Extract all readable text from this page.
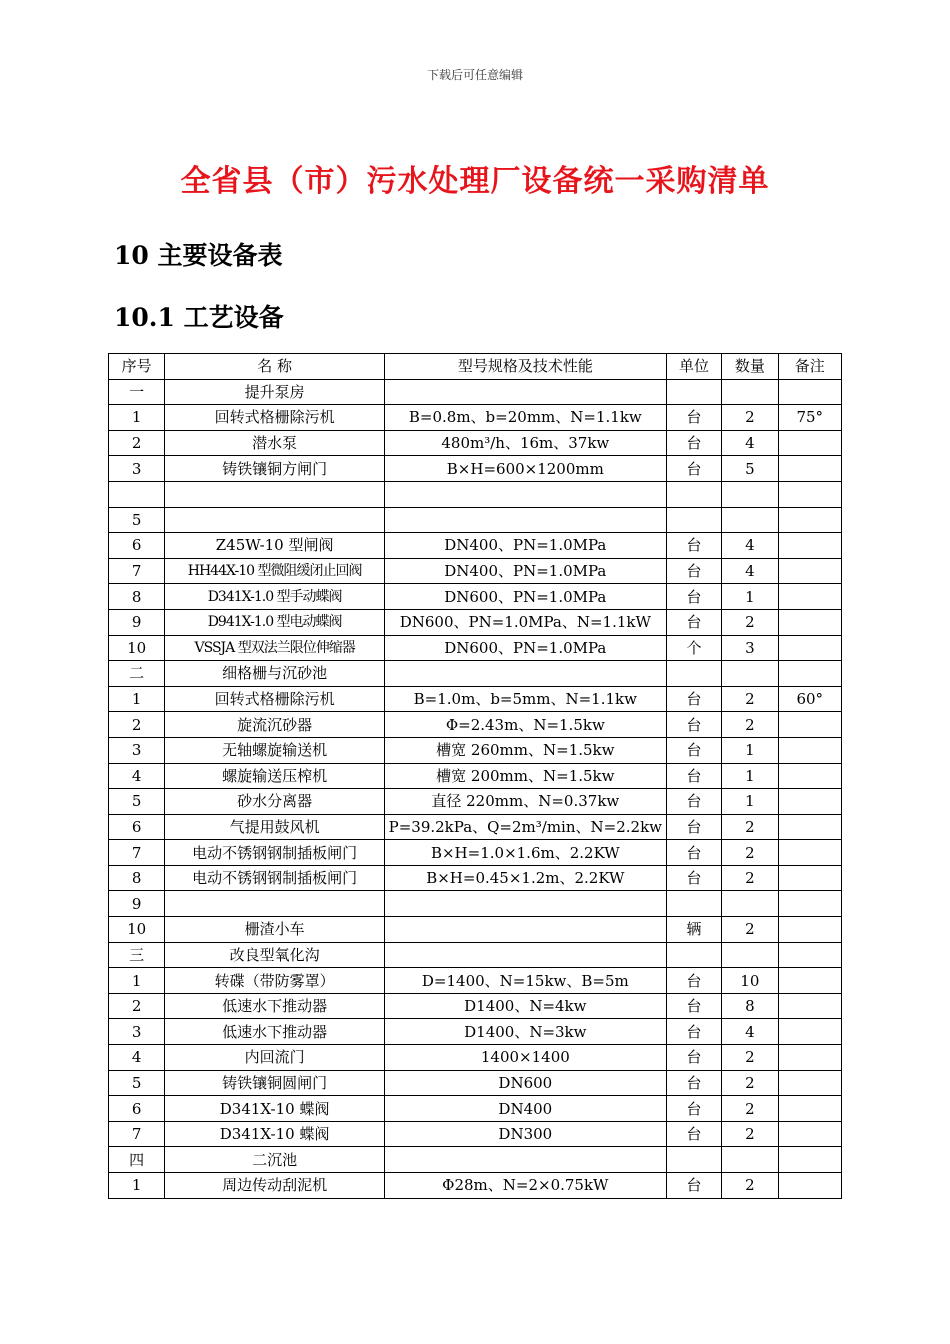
下载后可任意编辑
全省县（市）污水处理厂设备统一采购清单
10 主要设备表
10.1 工艺设备
序号	名 称	型号规格及技术性能	单位	数量	备注
一	提升泵房				
1	回转式格栅除污机	B=0.8m、b=20mm、N=1.1kw	台	2	75°
2	潜水泵	480m³/h、16m、37kw	台	4	
3	铸铁镶铜方闸门	B×H=600×1200mm	台	5	

5					
6	Z45W-10 型闸阀	DN400、PN=1.0MPa	台	4	
7	HH44X-10 型微阻缓闭止回阀	DN400、PN=1.0MPa	台	4	
8	D341X-1.0 型手动蝶阀	DN600、PN=1.0MPa	台	1	
9	D941X-1.0 型电动蝶阀	DN600、PN=1.0MPa、N=1.1kW	台	2	
10	VSSJA 型双法兰限位伸缩器	DN600、PN=1.0MPa	个	3	
二	细格栅与沉砂池				
1	回转式格栅除污机	B=1.0m、b=5mm、N=1.1kw	台	2	60°
2	旋流沉砂器	Φ=2.43m、N=1.5kw	台	2	
3	无轴螺旋输送机	槽宽 260mm、N=1.5kw	台	1	
4	螺旋输送压榨机	槽宽 200mm、N=1.5kw	台	1	
5	砂水分离器	直径 220mm、N=0.37kw	台	1	
6	气提用鼓风机	P=39.2kPa、Q=2m³/min、N=2.2kw	台	2	
7	电动不锈钢钢制插板闸门	B×H=1.0×1.6m、2.2KW	台	2	
8	电动不锈钢钢制插板闸门	B×H=0.45×1.2m、2.2KW	台	2	
9					
10	栅渣小车		辆	2	
三	改良型氧化沟				
1	转碟（带防雾罩）	D=1400、N=15kw、B=5m	台	10	
2	低速水下推动器	D1400、N=4kw	台	8	
3	低速水下推动器	D1400、N=3kw	台	4	
4	内回流门	1400×1400	台	2	
5	铸铁镶铜圆闸门	DN600	台	2	
6	D341X-10 蝶阀	DN400	台	2	
7	D341X-10 蝶阀	DN300	台	2	
四	二沉池				
1	周边传动刮泥机	Φ28m、N=2×0.75kW	台	2	
